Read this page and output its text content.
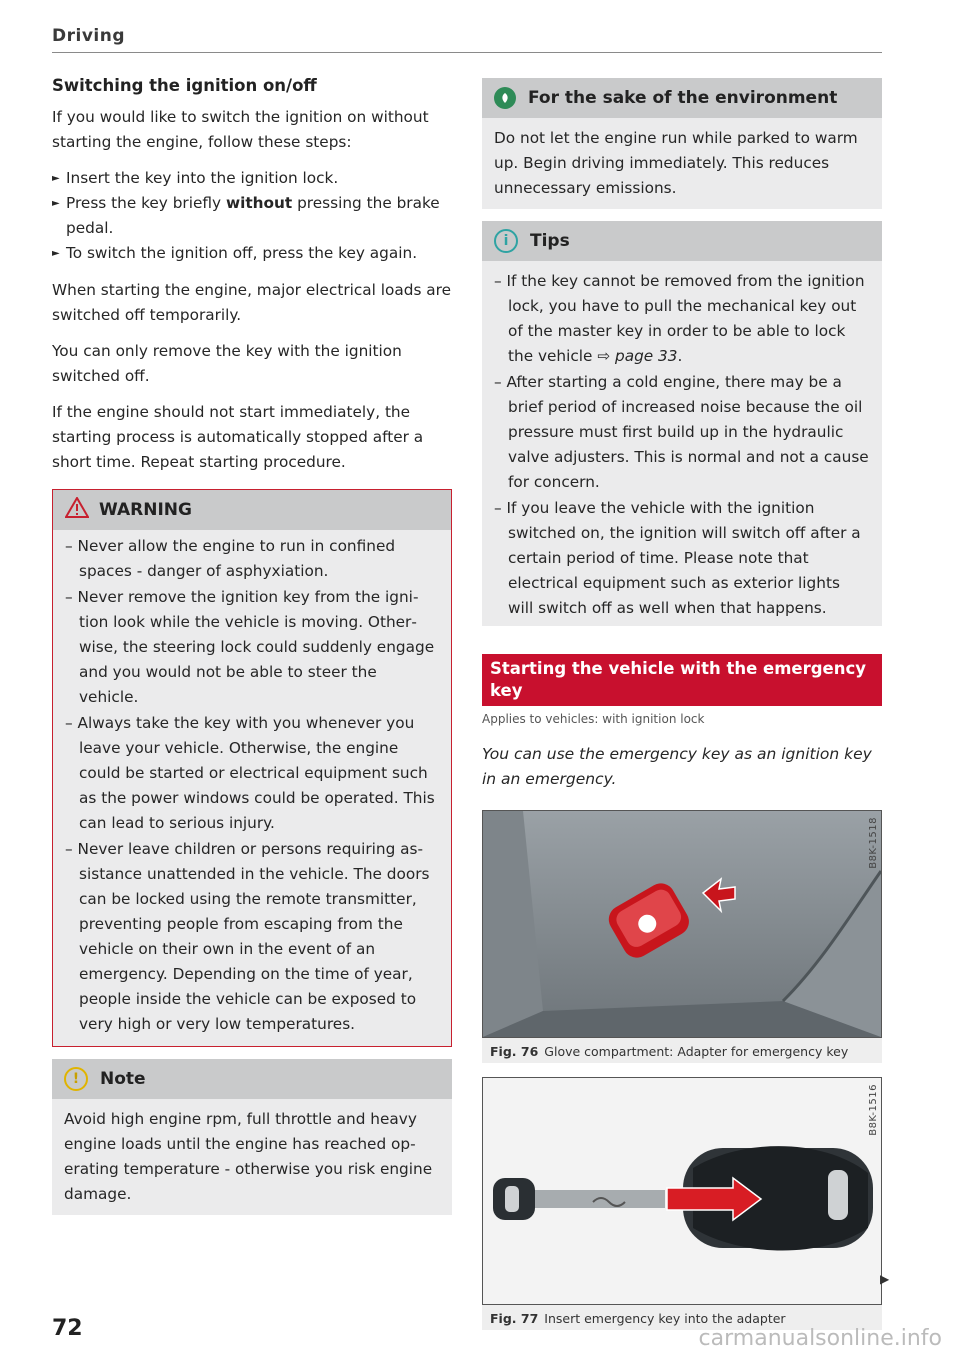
Driving
Switching the ignition on/off

If you would like to switch the ignition on without starting the engine, follow these steps:

► Insert the key into the ignition lock.
► Press the key briefly without pressing the brake pedal.
► To switch the ignition off, press the key again.

When starting the engine, major electrical loads are switched off temporarily.

You can only remove the key with the ignition switched off.

If the engine should not start immediately, the starting process is automatically stopped after a short time. Repeat starting procedure.

WARNING
– Never allow the engine to run in confined spaces - danger of asphyxiation.
– Never remove the ignition key from the ignition look while the vehicle is moving. Otherwise, the steering lock could suddenly engage and you would not be able to steer the vehicle.
– Always take the key with you whenever you leave your vehicle. Otherwise, the engine could be started or electrical equipment such as the power windows could be operated. This can lead to serious injury.
– Never leave children or persons requiring assistance unattended in the vehicle. The doors can be locked using the remote transmitter, preventing people from escaping from the vehicle on their own in the event of an emergency. Depending on the time of year, people inside the vehicle can be exposed to very high or very low temperatures.
!	Note

Avoid high engine rpm, full throttle and heavy engine loads until the engine has reached operating temperature - otherwise you risk engine damage.

For the sake of the environment

Do not let the engine run while parked to warm up. Begin driving immediately. This reduces unnecessary emissions.

i	Tips
– If the key cannot be removed from the ignition lock, you have to pull the mechanical key out of the master key in order to be able to lock the vehicle ⇨ page 33.
– After starting a cold engine, there may be a brief period of increased noise because the oil pressure must first build up in the hydraulic valve adjusters. This is normal and not a cause for concern.
– If you leave the vehicle with the ignition switched on, the ignition will switch off after a certain period of time. Please note that electrical equipment such as exterior lights will switch off as well when that happens.
Starting the vehicle with the emergency key
Applies to vehicles: with ignition lock
You can use the emergency key as an ignition key in an emergency.
B8K-1518
Fig. 76 Glove compartment: Adapter for emergency key
B8K-1516
Fig. 77 Insert emergency key into the adapter
▶
72	carmanualsonline.info
